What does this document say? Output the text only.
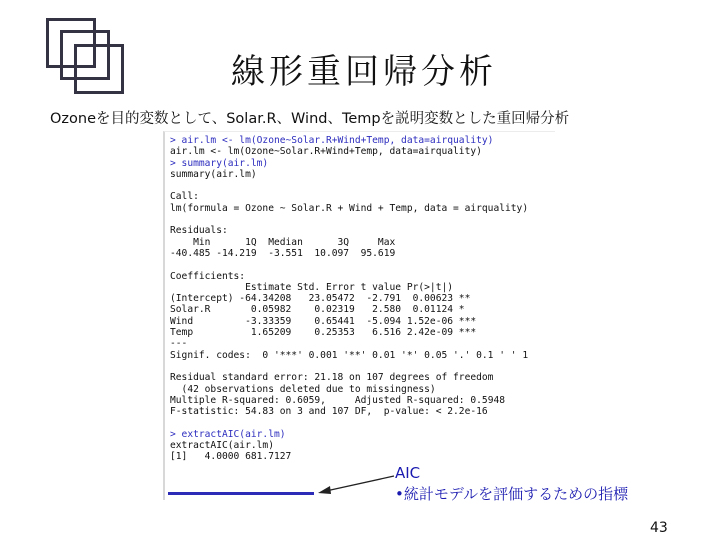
線形重回帰分析
Ozoneを目的変数として、Solar.R、Wind、Tempを説明変数とした重回帰分析
> air.lm <- lm(Ozone~Solar.R+Wind+Temp, data=airquality)
air.lm <- lm(Ozone~Solar.R+Wind+Temp, data=airquality)
> summary(air.lm)
summary(air.lm)

Call:
lm(formula = Ozone ~ Solar.R + Wind + Temp, data = airquality)

Residuals:
Min      1Q  Median      3Q     Max
-40.485 -14.219  -3.551  10.097  95.619

Coefficients:
Estimate Std. Error t value Pr(>|t|)
(Intercept) -64.34208   23.05472  -2.791  0.00623 **
Solar.R       0.05982    0.02319   2.580  0.01124 *
Wind         -3.33359    0.65441  -5.094 1.52e-06 ***
Temp          1.65209    0.25353   6.516 2.42e-09 ***
---
Signif. codes:  0 '***' 0.001 '**' 0.01 '*' 0.05 '.' 0.1 ' ' 1

Residual standard error: 21.18 on 107 degrees of freedom
(42 observations deleted due to missingness)
Multiple R-squared: 0.6059,	Adjusted R-squared: 0.5948
F-statistic: 54.83 on 3 and 107 DF,  p-value: < 2.2e-16

> extractAIC(air.lm)
extractAIC(air.lm)
[1]   4.0000 681.7127

AIC
•統計モデルを評価するための指標
43
